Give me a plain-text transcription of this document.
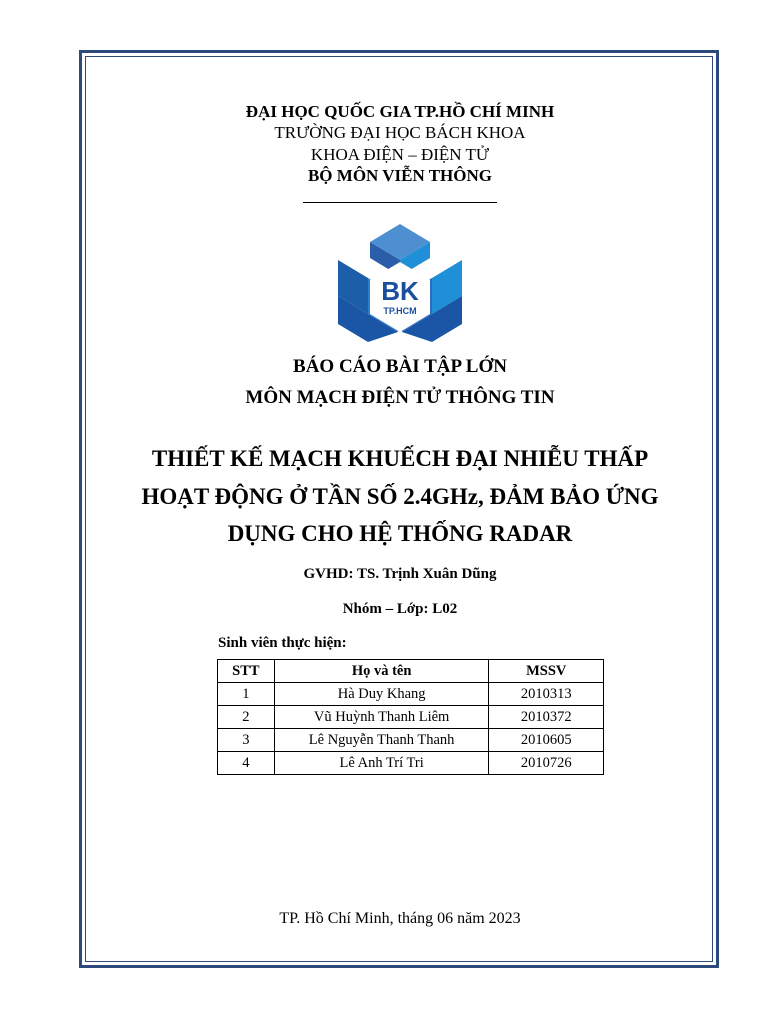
ĐẠI HỌC QUỐC GIA TP.HỒ CHÍ MINH
TRƯỜNG ĐẠI HỌC BÁCH KHOA
KHOA ĐIỆN – ĐIỆN TỬ
BỘ MÔN VIỄN THÔNG
BK
TP.HCM
BÁO CÁO BÀI TẬP LỚN
MÔN MẠCH ĐIỆN TỬ THÔNG TIN
THIẾT KẾ MẠCH KHUẾCH ĐẠI NHIỄU THẤP
HOẠT ĐỘNG Ở TẦN SỐ 2.4GHz, ĐẢM BẢO ỨNG
DỤNG CHO HỆ THỐNG RADAR
GVHD: TS. Trịnh Xuân Dũng
Nhóm – Lớp: L02
Sinh viên thực hiện:
STT	Họ và tên	MSSV
1	Hà Duy Khang	2010313
2	Vũ Huỳnh Thanh Liêm	2010372
3	Lê Nguyễn Thanh Thanh	2010605
4	Lê Anh Trí Tri	2010726
TP. Hồ Chí Minh, tháng 06 năm 2023
